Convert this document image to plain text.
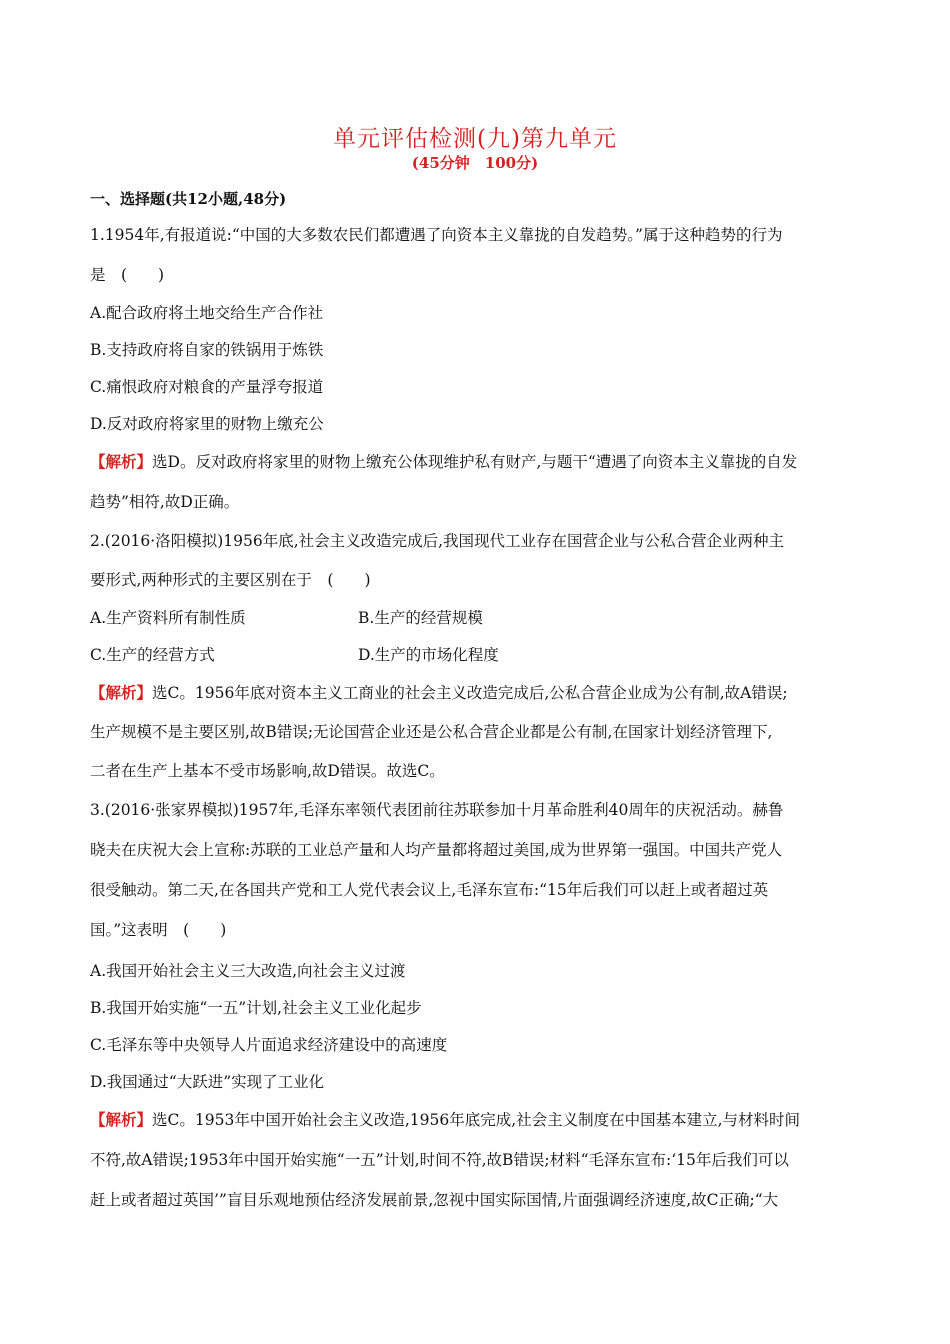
单元评估检测(九)第九单元
(45分钟　100分)
一、选择题(共12小题,48分)
1.1954年,有报道说:“中国的大多数农民们都遭遇了向资本主义靠拢的自发趋势。”属于这种趋势的行为
是　(　　)
A.配合政府将土地交给生产合作社
B.支持政府将自家的铁锅用于炼铁
C.痛恨政府对粮食的产量浮夸报道
D.反对政府将家里的财物上缴充公
【解析】选D。反对政府将家里的财物上缴充公体现维护私有财产,与题干“遭遇了向资本主义靠拢的自发
趋势”相符,故D正确。
2.(2016·洛阳模拟)1956年底,社会主义改造完成后,我国现代工业存在国营企业与公私合营企业两种主
要形式,两种形式的主要区别在于　(　　)
A.生产资料所有制性质	B.生产的经营规模
C.生产的经营方式	D.生产的市场化程度
【解析】选C。1956年底对资本主义工商业的社会主义改造完成后,公私合营企业成为公有制,故A错误;
生产规模不是主要区别,故B错误;无论国营企业还是公私合营企业都是公有制,在国家计划经济管理下,
二者在生产上基本不受市场影响,故D错误。故选C。
3.(2016·张家界模拟)1957年,毛泽东率领代表团前往苏联参加十月革命胜利40周年的庆祝活动。赫鲁
晓夫在庆祝大会上宣称:苏联的工业总产量和人均产量都将超过美国,成为世界第一强国。中国共产党人
很受触动。第二天,在各国共产党和工人党代表会议上,毛泽东宣布:“15年后我们可以赶上或者超过英
国。”这表明　(　　)
A.我国开始社会主义三大改造,向社会主义过渡
B.我国开始实施“一五”计划,社会主义工业化起步
C.毛泽东等中央领导人片面追求经济建设中的高速度
D.我国通过“大跃进”实现了工业化
【解析】选C。1953年中国开始社会主义改造,1956年底完成,社会主义制度在中国基本建立,与材料时间
不符,故A错误;1953年中国开始实施“一五”计划,时间不符,故B错误;材料“毛泽东宣布:‘15年后我们可以
赶上或者超过英国’”盲目乐观地预估经济发展前景,忽视中国实际国情,片面强调经济速度,故C正确;“大
